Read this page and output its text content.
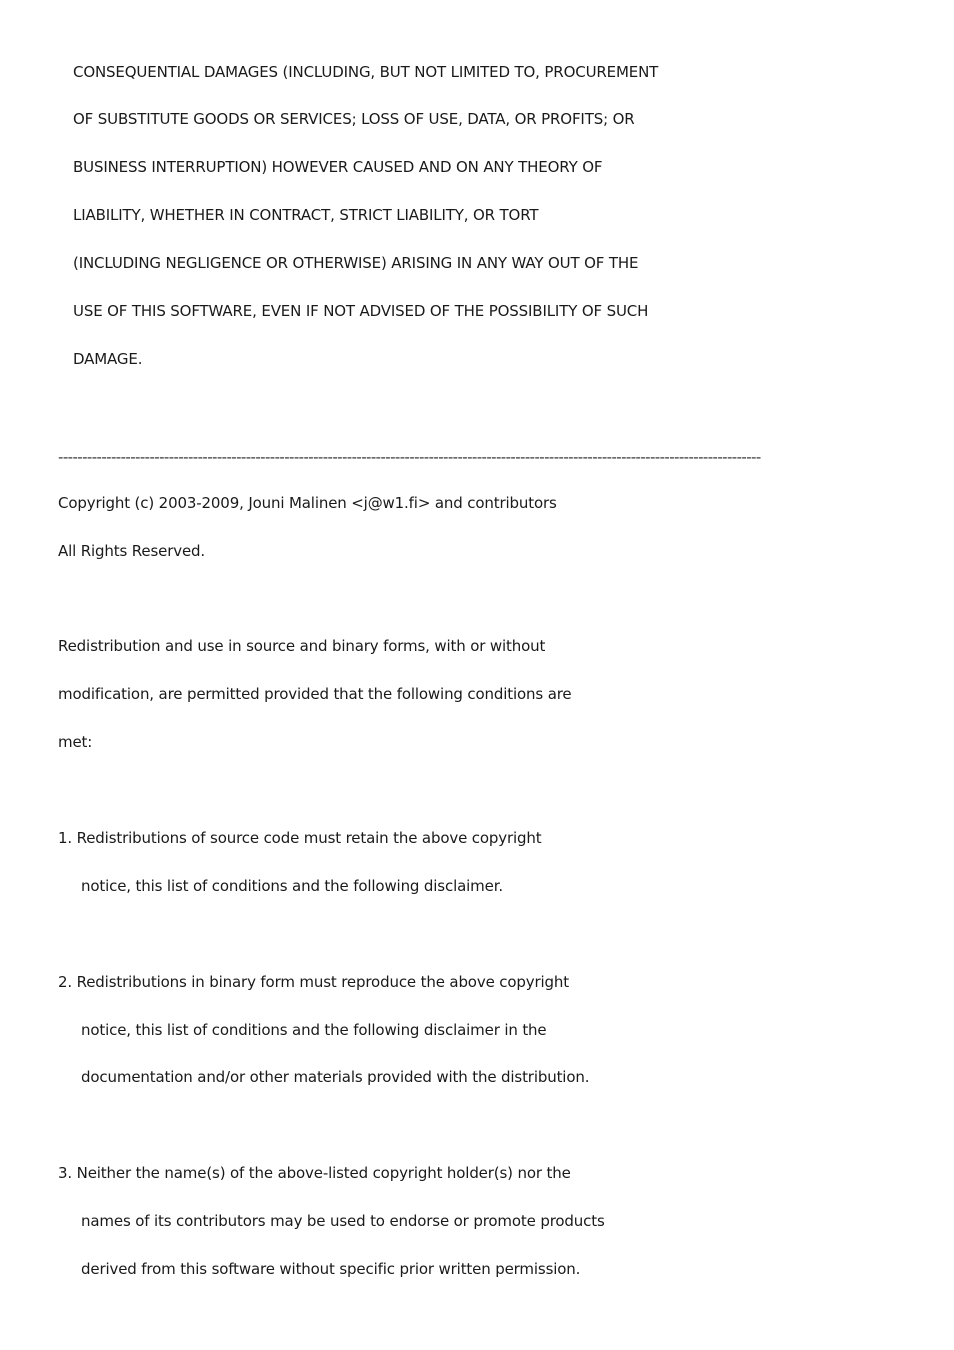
CONSEQUENTIAL DAMAGES (INCLUDING, BUT NOT LIMITED TO, PROCUREMENT
OF SUBSTITUTE GOODS OR SERVICES; LOSS OF USE, DATA, OR PROFITS; OR
BUSINESS INTERRUPTION) HOWEVER CAUSED AND ON ANY THEORY OF
LIABILITY, WHETHER IN CONTRACT, STRICT LIABILITY, OR TORT
(INCLUDING NEGLIGENCE OR OTHERWISE) ARISING IN ANY WAY OUT OF THE
USE OF THIS SOFTWARE, EVEN IF NOT ADVISED OF THE POSSIBILITY OF SUCH
DAMAGE.
--------------------------------------------------------------------------------------------------------------------------------------------------
Copyright (c) 2003-2009, Jouni Malinen <j@w1.fi> and contributors
All Rights Reserved.
Redistribution and use in source and binary forms, with or without
modification, are permitted provided that the following conditions are
met:
1. Redistributions of source code must retain the above copyright
notice, this list of conditions and the following disclaimer.
2. Redistributions in binary form must reproduce the above copyright
notice, this list of conditions and the following disclaimer in the
documentation and/or other materials provided with the distribution.
3. Neither the name(s) of the above-listed copyright holder(s) nor the
names of its contributors may be used to endorse or promote products
derived from this software without specific prior written permission.
